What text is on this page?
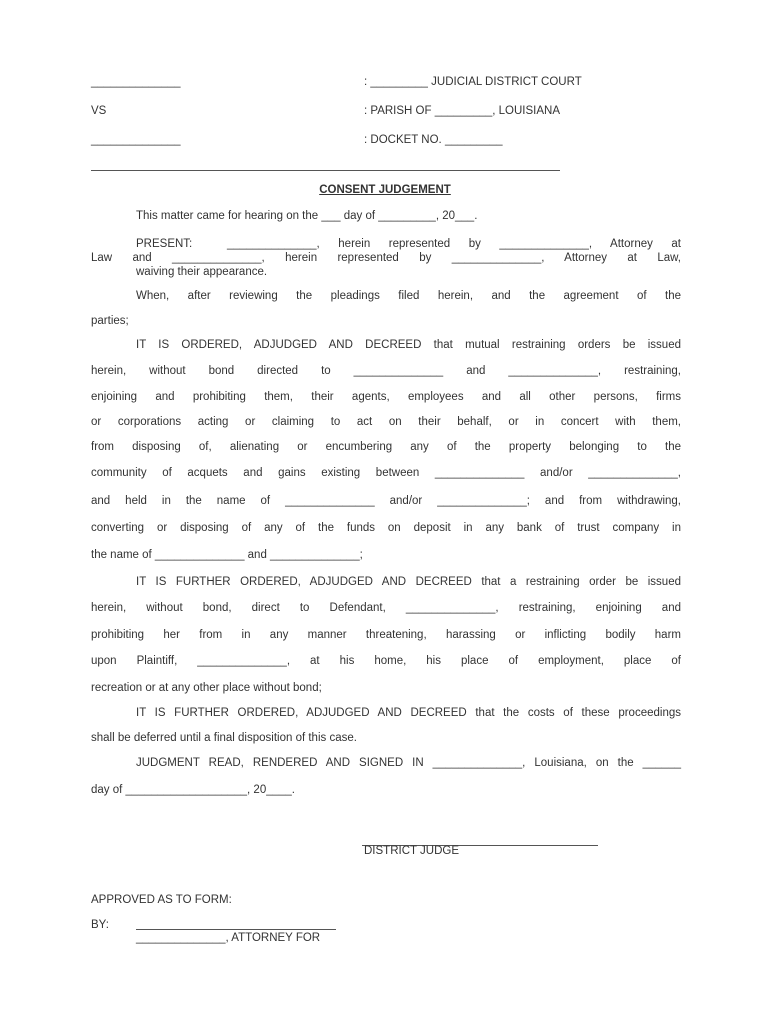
______________
VS
______________
: _________ JUDICIAL DISTRICT COURT
: PARISH OF _________, LOUISIANA
: DOCKET NO. _________
CONSENT JUDGEMENT
This matter came for hearing on the ___ day of _________, 20___.
PRESENT:	______________, herein represented by ______________, Attorney at
Law and ______________, herein represented by ______________, Attorney at Law,
waiving their appearance.
When, after reviewing the pleadings filed herein, and the agreement of the
parties;
IT IS ORDERED, ADJUDGED AND DECREED that mutual restraining orders be issued
herein, without bond directed to ______________ and ______________, restraining,
enjoining and prohibiting them, their agents, employees and all other persons, firms
or corporations acting or claiming to act on their behalf, or in concert with them,
from disposing of, alienating or encumbering any of the property belonging to the
community of acquets and gains existing between ______________ and/or ______________,
and held in the name of ______________ and/or ______________; and from withdrawing,
converting or disposing of any of the funds on deposit in any bank of trust company in
the name of ______________ and ______________;
IT IS FURTHER ORDERED, ADJUDGED AND DECREED that a restraining order be issued
herein, without bond, direct to Defendant, ______________, restraining, enjoining and
prohibiting her from in any manner threatening, harassing or inflicting bodily harm
upon Plaintiff, ______________, at his home, his place of employment, place of
recreation or at any other place without bond;
IT IS FURTHER ORDERED, ADJUDGED AND DECREED that the costs of these proceedings
shall be deferred until a final disposition of this case.
JUDGMENT READ, RENDERED AND SIGNED IN ______________, Louisiana, on the ______
day of ___________________, 20____.
DISTRICT JUDGE
APPROVED AS TO FORM:
BY:
______________, ATTORNEY FOR
